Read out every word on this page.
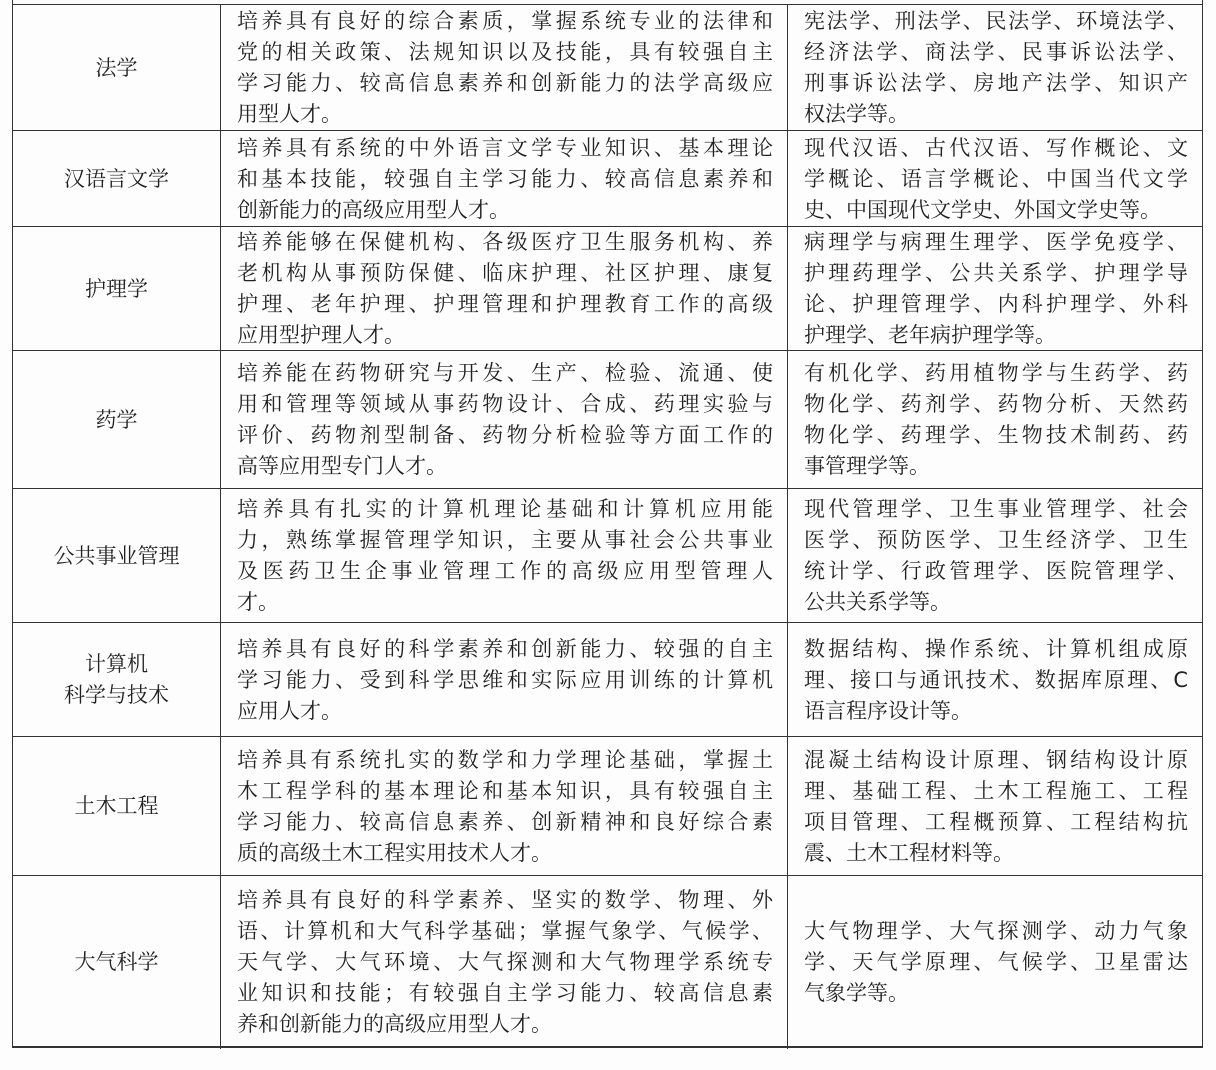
法学
培养具有良好的综合素质，掌握系统专业的法律和
党的相关政策、法规知识以及技能，具有较强自主
学习能力、较高信息素养和创新能力的法学高级应
用型人才。
宪法学、刑法学、民法学、环境法学、
经济法学、商法学、民事诉讼法学、
刑事诉讼法学、房地产法学、知识产
权法学等。
汉语言文学
培养具有系统的中外语言文学专业知识、基本理论
和基本技能，较强自主学习能力、较高信息素养和
创新能力的高级应用型人才。
现代汉语、古代汉语、写作概论、文
学概论、语言学概论、中国当代文学
史、中国现代文学史、外国文学史等。
护理学
培养能够在保健机构、各级医疗卫生服务机构、养
老机构从事预防保健、临床护理、社区护理、康复
护理、老年护理、护理管理和护理教育工作的高级
应用型护理人才。
病理学与病理生理学、医学免疫学、
护理药理学、公共关系学、护理学导
论、护理管理学、内科护理学、外科
护理学、老年病护理学等。
药学
培养能在药物研究与开发、生产、检验、流通、使
用和管理等领域从事药物设计、合成、药理实验与
评价、药物剂型制备、药物分析检验等方面工作的
高等应用型专门人才。
有机化学、药用植物学与生药学、药
物化学、药剂学、药物分析、天然药
物化学、药理学、生物技术制药、药
事管理学等。
公共事业管理
培养具有扎实的计算机理论基础和计算机应用能
力，熟练掌握管理学知识，主要从事社会公共事业
及医药卫生企事业管理工作的高级应用型管理人
才。
现代管理学、卫生事业管理学、社会
医学、预防医学、卫生经济学、卫生
统计学、行政管理学、医院管理学、
公共关系学等。
计算机
科学与技术
培养具有良好的科学素养和创新能力、较强的自主
学习能力、受到科学思维和实际应用训练的计算机
应用人才。
数据结构、操作系统、计算机组成原
理、接口与通讯技术、数据库原理、C
语言程序设计等。
土木工程
培养具有系统扎实的数学和力学理论基础，掌握土
木工程学科的基本理论和基本知识，具有较强自主
学习能力、较高信息素养、创新精神和良好综合素
质的高级土木工程实用技术人才。
混凝土结构设计原理、钢结构设计原
理、基础工程、土木工程施工、工程
项目管理、工程概预算、工程结构抗
震、土木工程材料等。
大气科学
培养具有良好的科学素养、坚实的数学、物理、外
语、计算机和大气科学基础；掌握气象学、气候学、
天气学、大气环境、大气探测和大气物理学系统专
业知识和技能；有较强自主学习能力、较高信息素
养和创新能力的高级应用型人才。
大气物理学、大气探测学、动力气象
学、天气学原理、气候学、卫星雷达
气象学等。
